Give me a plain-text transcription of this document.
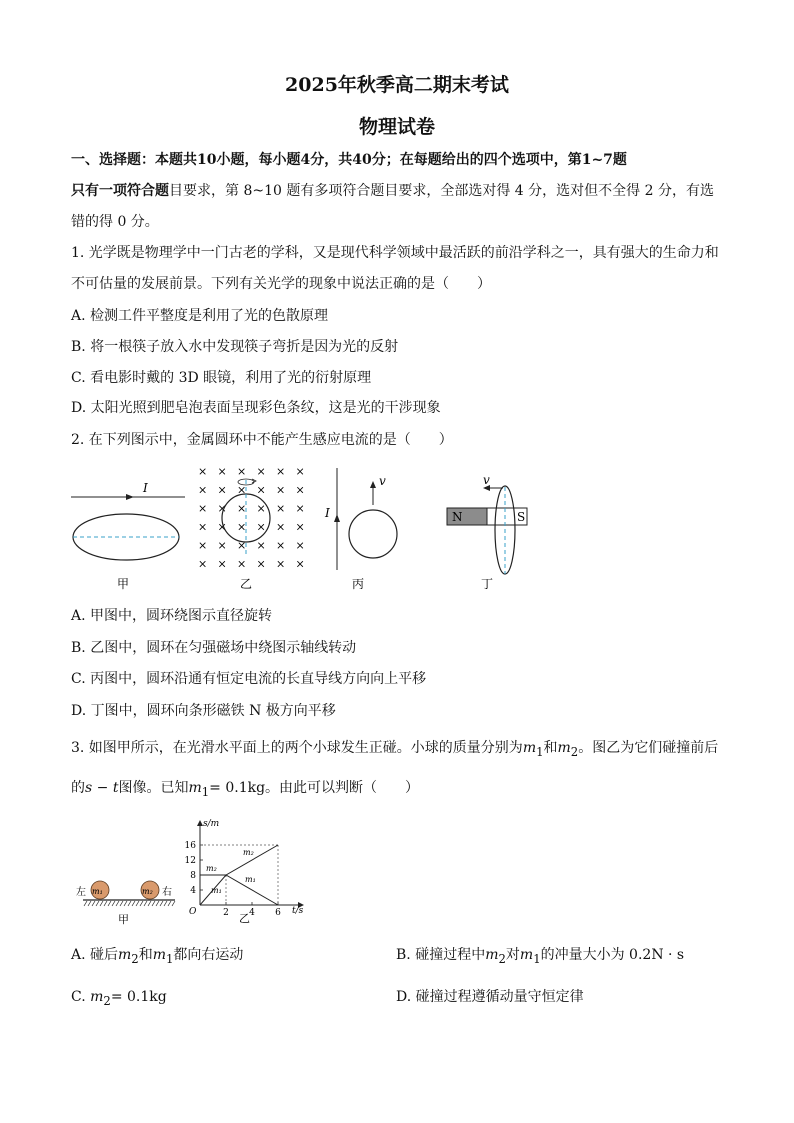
2025年秋季高二期末考试
物理试卷
一、选择题：本题共10小题，每小题4分，共40分；在每题给出的四个选项中，第1~7题
只有一项符合题目要求，第 8~10 题有多项符合题目要求，全部选对得 4 分，选对但不全得 2 分，有选
错的得 0 分。
1. 光学既是物理学中一门古老的学科，又是现代科学领域中最活跃的前沿学科之一，具有强大的生命力和
不可估量的发展前景。下列有关光学的现象中说法正确的是（　　）
A. 检测工件平整度是利用了光的色散原理
B. 将一根筷子放入水中发现筷子弯折是因为光的反射
C. 看电影时戴的 3D 眼镜，利用了光的衍射原理
D. 太阳光照到肥皂泡表面呈现彩色条纹，这是光的干涉现象
2. 在下列图示中，金属圆环中不能产生感应电流的是（　　）
I
甲
× × × × × ×
× × × × × ×
× × × × × ×
× × × × × ×
× × × × × ×
× × × × × ×
乙
I
v
丙
N	S
v
丁
A. 甲图中，圆环绕图示直径旋转
B. 乙图中，圆环在匀强磁场中绕图示轴线转动
C. 丙图中，圆环沿通有恒定电流的长直导线方向向上平移
D. 丁图中，圆环向条形磁铁 N 极方向平移
3. 如图甲所示，在光滑水平面上的两个小球发生正碰。小球的质量分别为$m_1$和$m_2$。图乙为它们碰撞前后
的s − t图像。已知$m_1= 0.1kg$。由此可以判断（　　）
m₁	m₂
左	右
甲
s/m
t/s
O
16
12
8
4
2 4 6
m₂
m₂
m₁
m₁
乙
A. 碰后$m_2$和$m_1$都向右运动	B. 碰撞过程中$m_2$对$m_1$的冲量大小为 0.2N · s
C. $m_2= 0.1kg$	D. 碰撞过程遵循动量守恒定律
